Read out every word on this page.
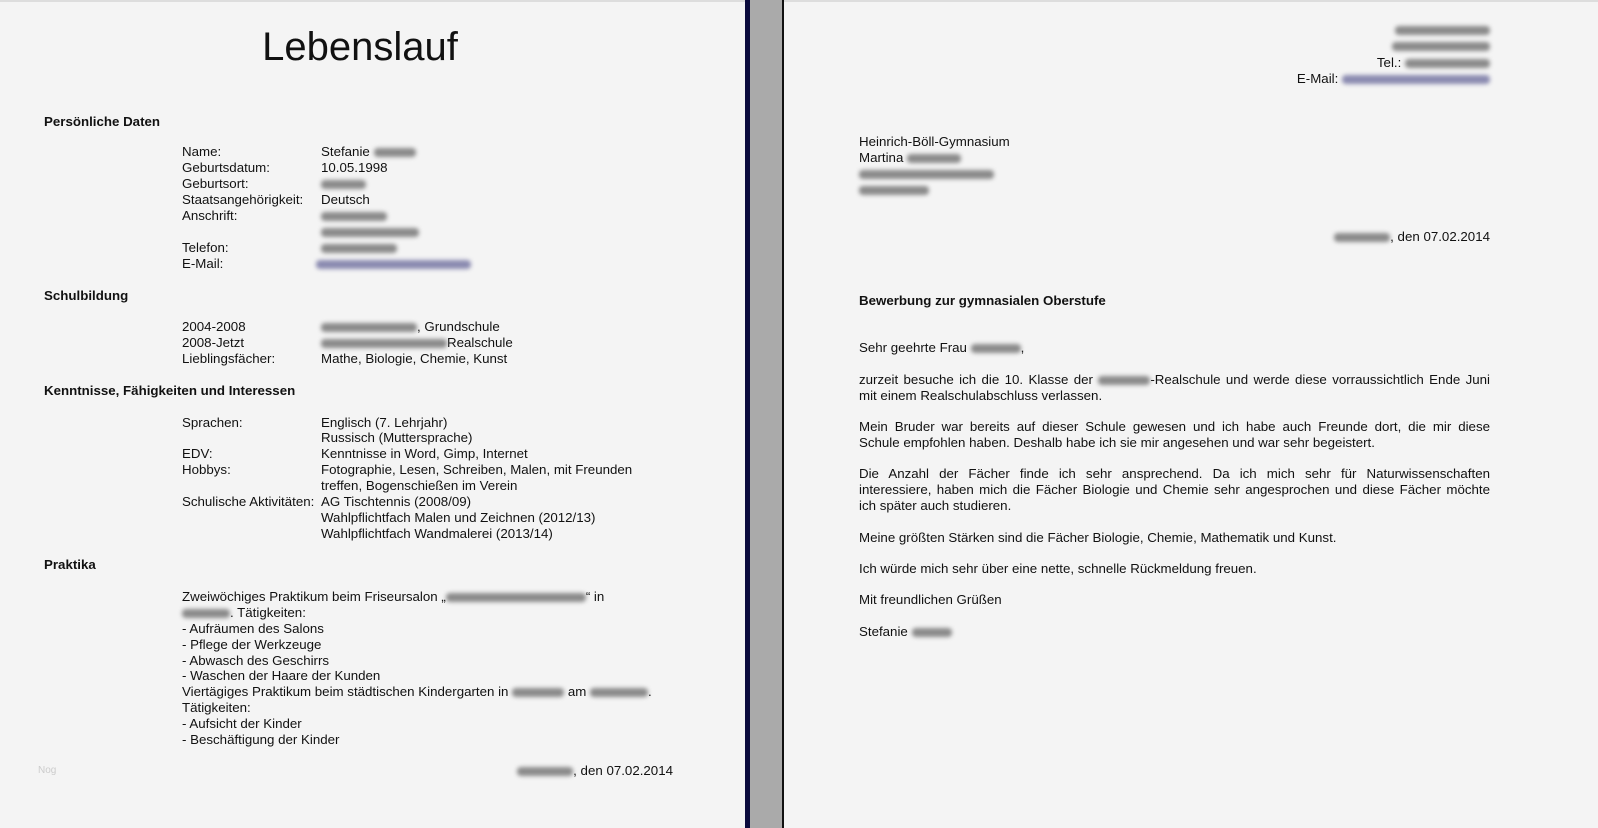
Lebenslauf
Persönliche Daten
Name:	Stefanie
Geburtsdatum:	10.05.1998
Geburtsort:
Staatsangehörigkeit: Deutsch
Anschrift:
Telefon:
E-Mail:
Schulbildung
2004-2008	, Grundschule
2008-Jetzt	Realschule
Lieblingsfächer:	Mathe, Biologie, Chemie, Kunst
Kenntnisse, Fähigkeiten und Interessen
Sprachen:	Englisch (7. Lehrjahr)
Russisch (Muttersprache)
EDV:	Kenntnisse in Word, Gimp, Internet
Hobbys:	Fotographie, Lesen, Schreiben, Malen, mit Freunden
treffen, Bogenschießen im Verein
Schulische Aktivitäten: AG Tischtennis (2008/09)
Wahlpflichtfach Malen und Zeichnen (2012/13)
Wahlpflichtfach Wandmalerei (2013/14)
Praktika
Zweiwöchiges Praktikum beim Friseursalon „	“ in
. Tätigkeiten:
- Aufräumen des Salons
- Pflege der Werkzeuge
- Abwasch des Geschirrs
- Waschen der Haare der Kunden
Viertägiges Praktikum beim städtischen Kindergarten in	am	.
Tätigkeiten:
- Aufsicht der Kinder
- Beschäftigung der Kinder
Nog	, den 07.02.2014
Tel.:
E-Mail:
Heinrich-Böll-Gymnasium
Martina
, den 07.02.2014
Bewerbung zur gymnasialen Oberstufe
Sehr geehrte Frau	,
zurzeit besuche ich die 10. Klasse der	-Realschule und werde diese vorraussichtlich Ende Juni
mit einem Realschulabschluss verlassen.
Mein Bruder war bereits auf dieser Schule gewesen und ich habe auch Freunde dort, die mir diese
Schule empfohlen haben. Deshalb habe ich sie mir angesehen und war sehr begeistert.
Die Anzahl der Fächer finde ich sehr ansprechend. Da ich mich sehr für Naturwissenschaften
interessiere, haben mich die Fächer Biologie und Chemie sehr angesprochen und diese Fächer möchte
ich später auch studieren.
Meine größten Stärken sind die Fächer Biologie, Chemie, Mathematik und Kunst.
Ich würde mich sehr über eine nette, schnelle Rückmeldung freuen.
Mit freundlichen Grüßen
Stefanie
